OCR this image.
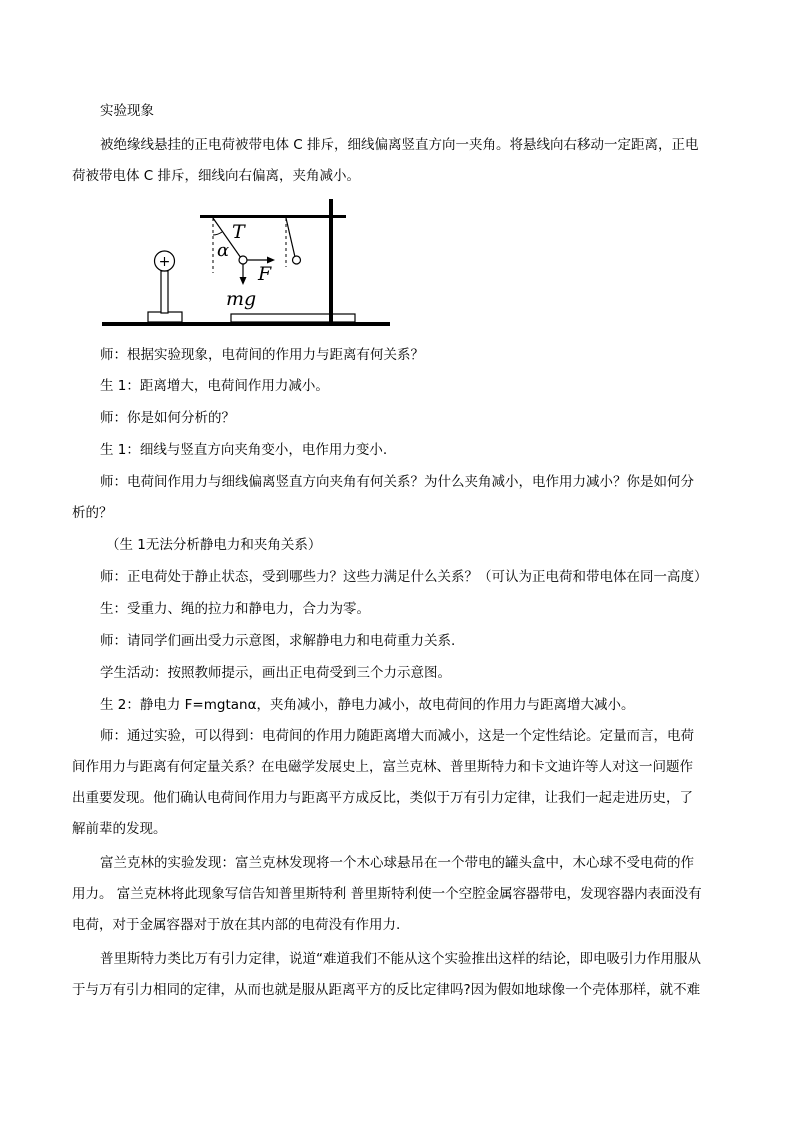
实验现象
被绝缘线悬挂的正电荷被带电体 C 排斥，细线偏离竖直方向一夹角。将悬线向右移动一定距离，正电
荷被带电体 C 排斥，细线向右偏离，夹角减小。
+
T
α
F
mg
师：根据实验现象，电荷间的作用力与距离有何关系？
生 1：距离增大，电荷间作用力减小。
师：你是如何分析的？
生 1：细线与竖直方向夹角变小，电作用力变小.
师：电荷间作用力与细线偏离竖直方向夹角有何关系？为什么夹角减小，电作用力减小？你是如何分
析的？
（生 1无法分析静电力和夹角关系）
师：正电荷处于静止状态，受到哪些力？这些力满足什么关系？（可认为正电荷和带电体在同一高度）
生：受重力、绳的拉力和静电力，合力为零。
师：请同学们画出受力示意图，求解静电力和电荷重力关系.
学生活动：按照教师提示，画出正电荷受到三个力示意图。
生 2：静电力 F=mgtanα，夹角减小，静电力减小，故电荷间的作用力与距离增大减小。
师：通过实验，可以得到：电荷间的作用力随距离增大而减小，这是一个定性结论。定量而言，电荷
间作用力与距离有何定量关系？在电磁学发展史上，富兰克林、普里斯特力和卡文迪许等人对这一问题作
出重要发现。他们确认电荷间作用力与距离平方成反比，类似于万有引力定律，让我们一起走进历史，了
解前辈的发现。
富兰克林的实验发现：富兰克林发现将一个木心球悬吊在一个带电的罐头盒中，木心球不受电荷的作
用力。 富兰克林将此现象写信告知普里斯特利 普里斯特利使一个空腔金属容器带电，发现容器内表面没有
电荷，对于金属容器对于放在其内部的电荷没有作用力.
普里斯特力类比万有引力定律，说道“难道我们不能从这个实验推出这样的结论，即电吸引力作用服从
于与万有引力相同的定律，从而也就是服从距离平方的反比定律吗?因为假如地球像一个壳体那样，就不难
